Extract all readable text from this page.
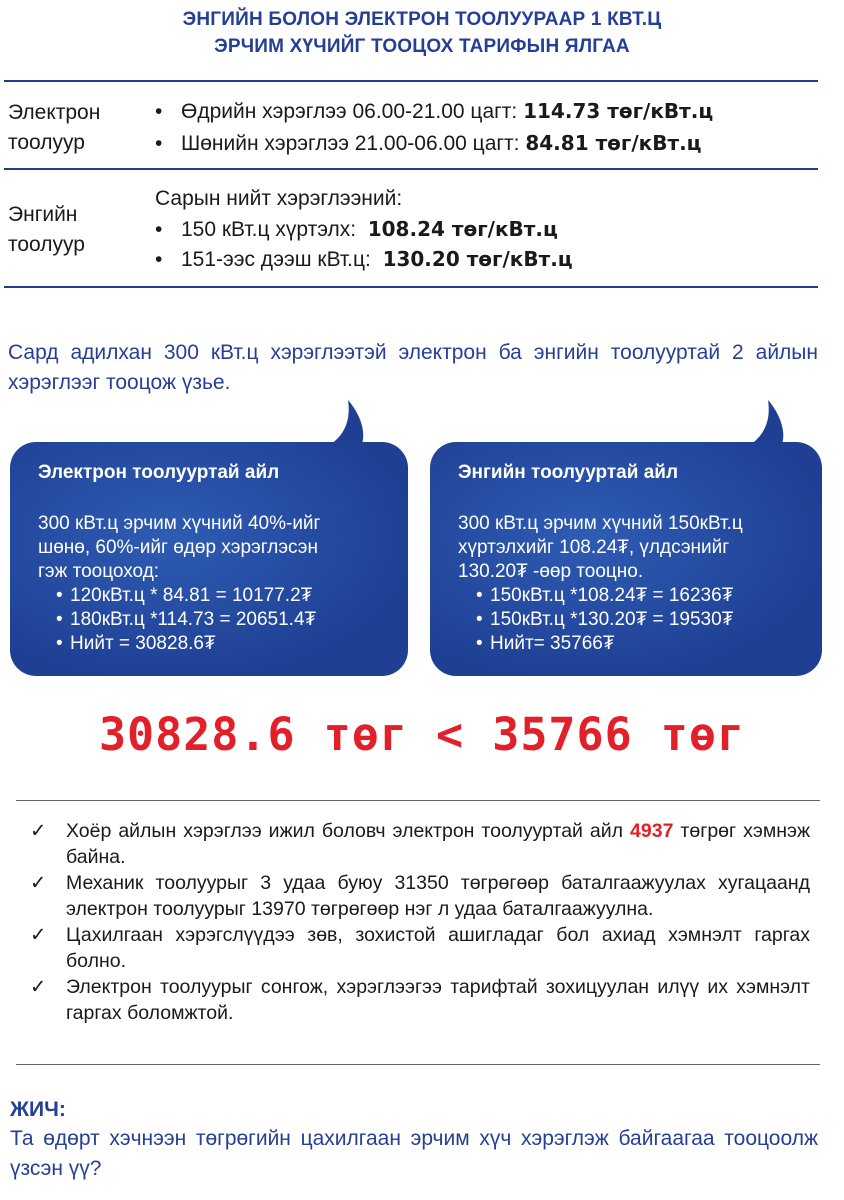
ЭНГИЙН БОЛОН ЭЛЕКТРОН ТООЛУУРААР 1 КВТ.Ц
ЭРЧИМ ХҮЧИЙГ ТООЦОХ ТАРИФЫН ЯЛГАА
Электрон
тоолуур
• Өдрийн хэрэглээ 06.00-21.00 цагт: 114.73 төг/кВт.ц
• Шөнийн хэрэглээ 21.00-06.00 цагт: 84.81 төг/кВт.ц
Энгийн
тоолуур
Сарын нийт хэрэглээний:
• 150 кВт.ц хүртэлх: 108.24 төг/кВт.ц
• 151-ээс дээш кВт.ц: 130.20 төг/кВт.ц
Сард адилхан 300 кВт.ц хэрэглээтэй электрон ба энгийн тоолууртай 2 айлын хэрэглээг тооцож үзье.
Электрон тоолууртай айл
300 кВт.ц эрчим хүчний 40%-ийг
шөнө, 60%-ийг өдөр хэрэглэсэн
гэж тооцоход:
• 120кВт.ц * 84.81 = 10177.2₮
• 180кВт.ц *114.73 = 20651.4₮
• Нийт = 30828.6₮
Энгийн тоолууртай айл
300 кВт.ц эрчим хүчний 150кВт.ц
хүртэлхийг 108.24₮, үлдсэнийг
130.20₮ -өөр тооцно.
• 150кВт.ц *108.24₮ = 16236₮
• 150кВт.ц *130.20₮ = 19530₮
• Нийт= 35766₮
30828.6 төг < 35766 төг
✓ Хоёр айлын хэрэглээ ижил боловч электрон тоолууртай айл 4937 төгрөг хэмнэж байна.
✓ Механик тоолуурыг 3 удаа буюу 31350 төгрөгөөр баталгаажуулах хугацаанд электрон тоолуурыг 13970 төгрөгөөр нэг л удаа баталгаажуулна.
✓ Цахилгаан хэрэгслүүдээ зөв, зохистой ашигладаг бол ахиад хэмнэлт гаргах болно.
✓ Электрон тоолуурыг сонгож, хэрэглээгээ тарифтай зохицуулан илүү их хэмнэлт гаргах боломжтой.
ЖИЧ:
Та өдөрт хэчнээн төгрөгийн цахилгаан эрчим хүч хэрэглэж байгаагаа тооцоолж үзсэн үү?
